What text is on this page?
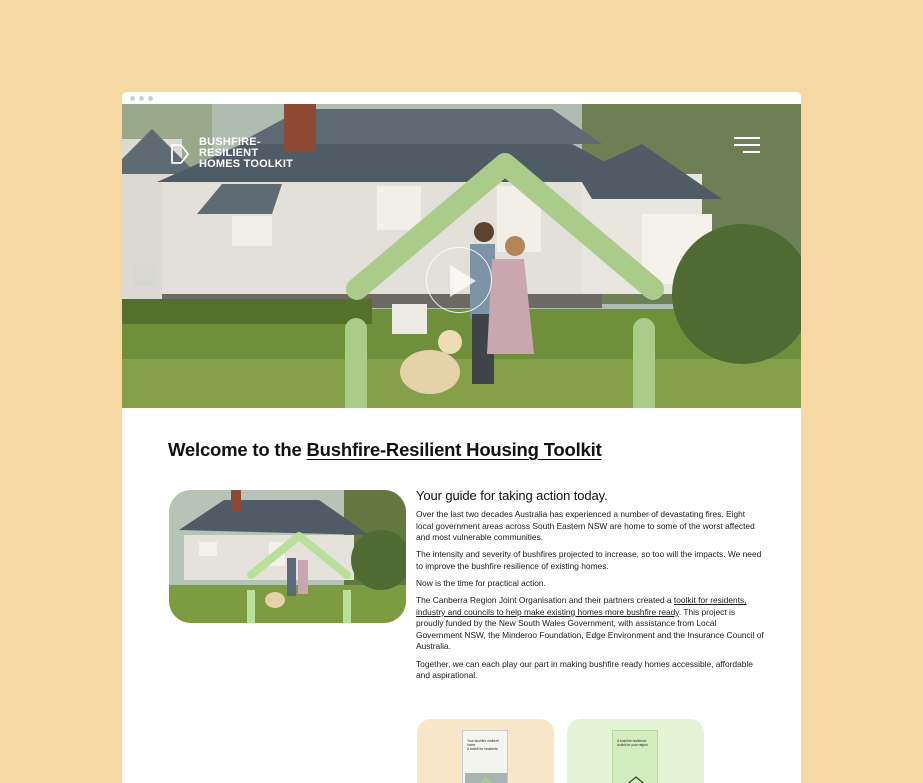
BUSHFIRE-RESILIENT
HOMES TOOLKIT
Welcome to the Bushfire-Resilient Housing Toolkit
Your guide for taking action today.

Over the last two decades Australia has experienced a number of devastating fires. Eight local government areas across South Eastern NSW are home to some of the worst affected and most vulnerable communities.

The intensity and severity of bushfires projected to increase, so too will the impacts. We need to improve the bushfire resilience of existing homes.

Now is the time for practical action.

The Canberra Region Joint Organisation and their partners created a toolkit for residents, industry and councils to help make existing homes more bushfire ready. This project is proudly funded by the New South Wales Government, with assistance from Local Government NSW, the Minderoo Foundation, Edge Environment and the Insurance Council of Australia.

Together, we can each play our part in making bushfire ready homes accessible, affordable and aspirational.

Your bushfire resilient home
A toolkit for residents
A bushfire resilience toolkit for your region
